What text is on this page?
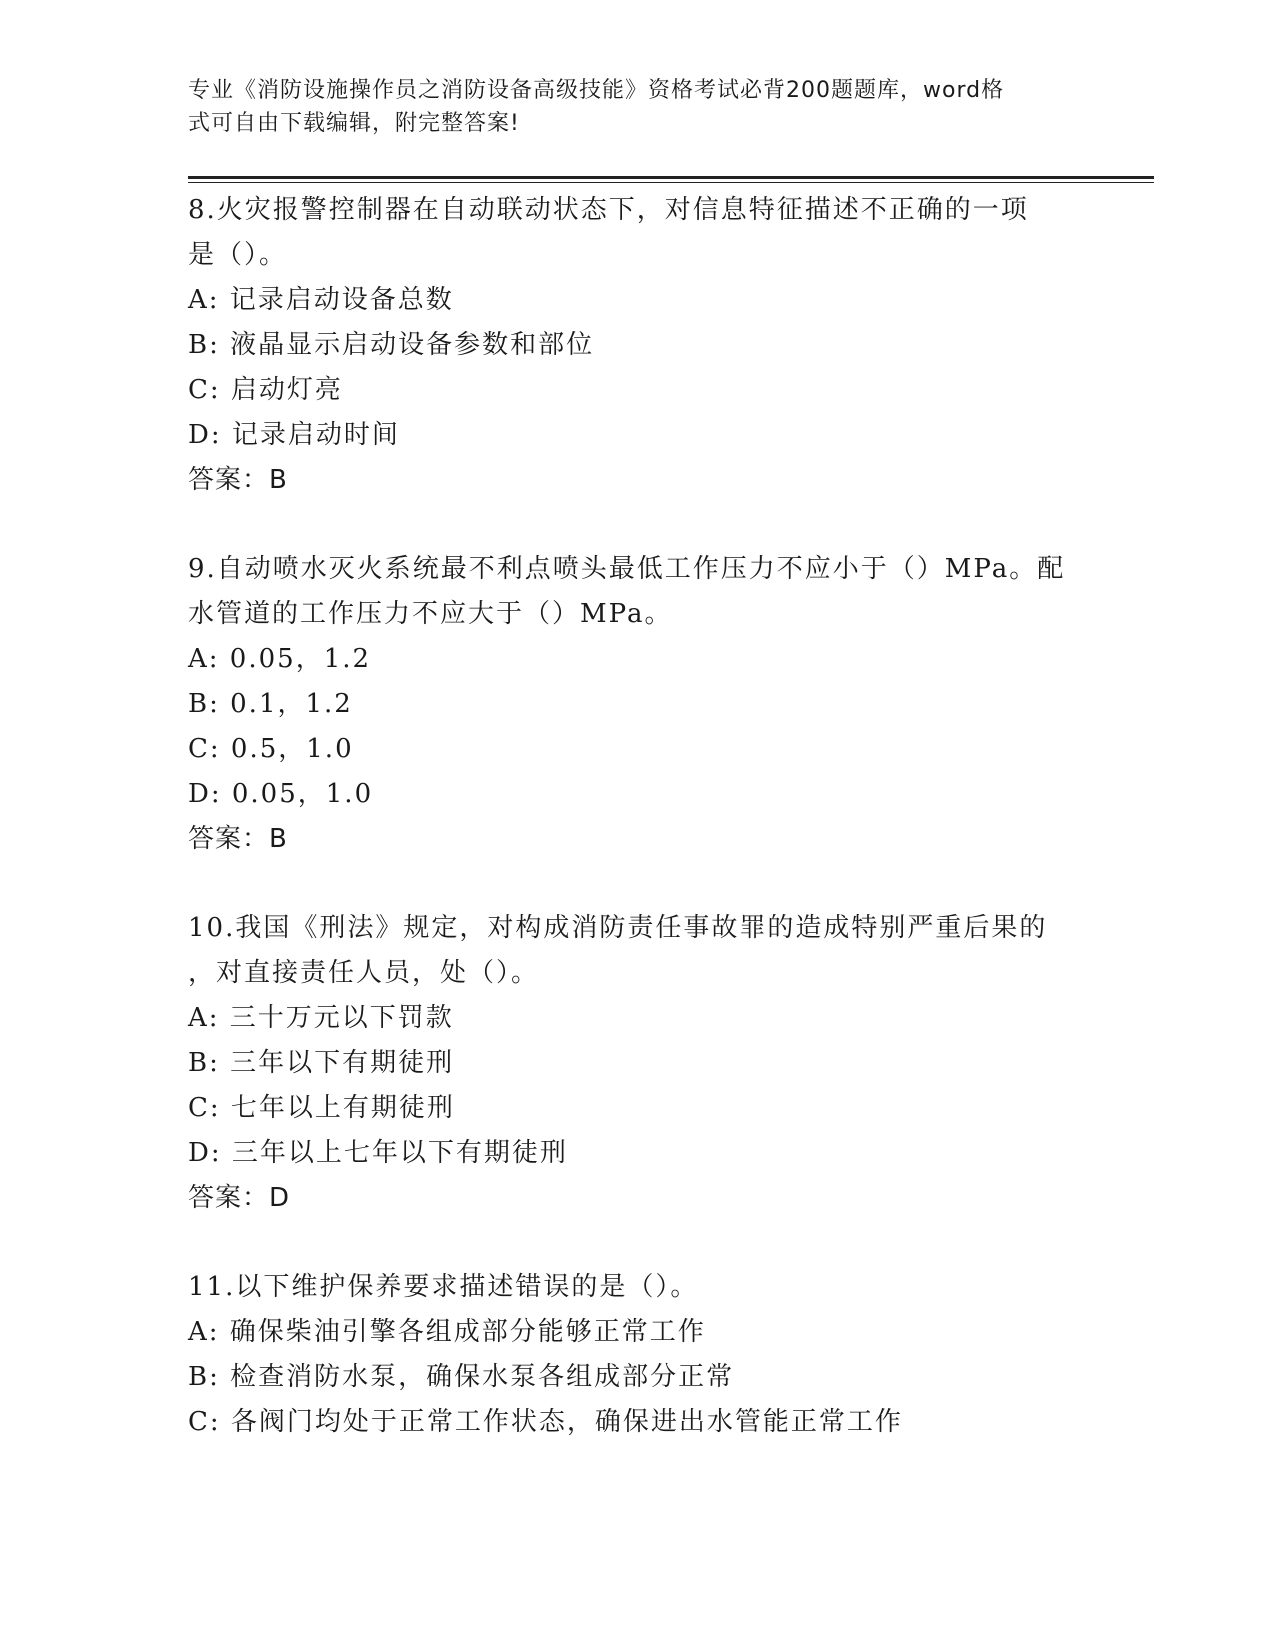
专业《消防设施操作员之消防设备高级技能》资格考试必背200题题库，word格
式可自由下载编辑，附完整答案!
8.火灾报警控制器在自动联动状态下，对信息特征描述不正确的一项
是（）。
A: 记录启动设备总数
B: 液晶显示启动设备参数和部位
C: 启动灯亮
D: 记录启动时间
答案：B
9.自动喷水灭火系统最不利点喷头最低工作压力不应小于（）MPa。配
水管道的工作压力不应大于（）MPa。
A: 0.05，1.2
B: 0.1，1.2
C: 0.5，1.0
D: 0.05，1.0
答案：B
10.我国《刑法》规定，对构成消防责任事故罪的造成特别严重后果的
，对直接责任人员，处（）。
A: 三十万元以下罚款
B: 三年以下有期徒刑
C: 七年以上有期徒刑
D: 三年以上七年以下有期徒刑
答案：D
11.以下维护保养要求描述错误的是（）。
A: 确保柴油引擎各组成部分能够正常工作
B: 检查消防水泵，确保水泵各组成部分正常
C: 各阀门均处于正常工作状态，确保进出水管能正常工作
